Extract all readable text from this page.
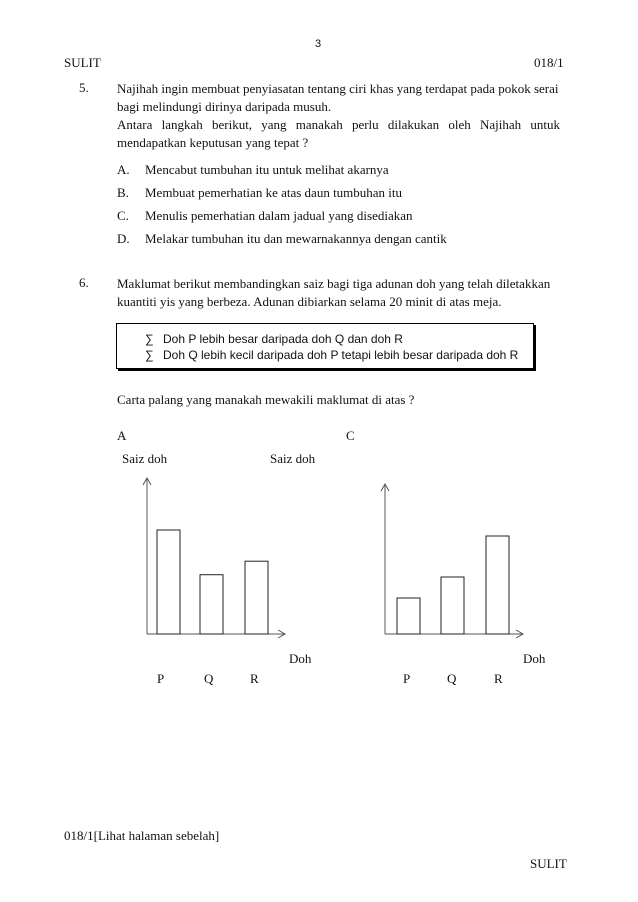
3
SULIT	018/1
5. Najihah ingin membuat penyiasatan tentang ciri khas yang terdapat pada pokok serai
bagi melindungi dirinya daripada musuh.
Antara langkah berikut, yang manakah perlu dilakukan oleh Najihah untuk
mendapatkan keputusan yang tepat ?
A. Mencabut tumbuhan itu untuk melihat akarnya
B. Membuat pemerhatian ke atas daun tumbuhan itu
C. Menulis pemerhatian dalam jadual yang disediakan
D. Melakar tumbuhan itu dan mewarnakannya dengan cantik
6. Maklumat berikut membandingkan saiz bagi tiga adunan doh yang telah diletakkan
kuantiti yis yang berbeza. Adunan dibiarkan selama 20 minit di atas meja.
∑ Doh P lebih besar daripada doh Q dan doh R
∑ Doh Q lebih kecil daripada doh P tetapi lebih besar daripada doh R
Carta palang yang manakah mewakili maklumat di atas ?
A	C
Saiz doh	Saiz doh
Doh	Doh
P	Q	R	P	Q	R
018/1[Lihat halaman sebelah]
SULIT
